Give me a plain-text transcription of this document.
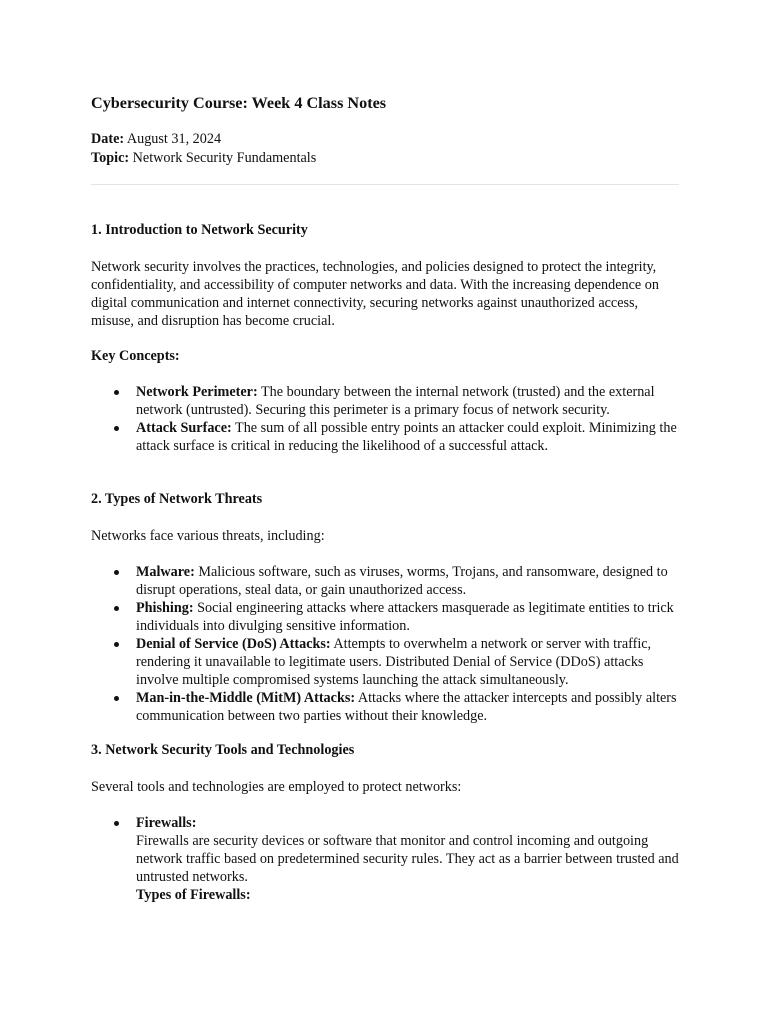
Cybersecurity Course: Week 4 Class Notes

Date: August 31, 2024

Topic: Network Security Fundamentals

1. Introduction to Network Security

Network security involves the practices, technologies, and policies designed to protect the integrity, confidentiality, and accessibility of computer networks and data. With the increasing dependence on digital communication and internet connectivity, securing networks against unauthorized access, misuse, and disruption has become crucial.

Key Concepts:

Network Perimeter: The boundary between the internal network (trusted) and the external network (untrusted). Securing this perimeter is a primary focus of network security.
Attack Surface: The sum of all possible entry points an attacker could exploit. Minimizing the attack surface is critical in reducing the likelihood of a successful attack.
2. Types of Network Threats

Networks face various threats, including:

Malware: Malicious software, such as viruses, worms, Trojans, and ransomware, designed to disrupt operations, steal data, or gain unauthorized access.
Phishing: Social engineering attacks where attackers masquerade as legitimate entities to trick individuals into divulging sensitive information.
Denial of Service (DoS) Attacks: Attempts to overwhelm a network or server with traffic, rendering it unavailable to legitimate users. Distributed Denial of Service (DDoS) attacks involve multiple compromised systems launching the attack simultaneously.
Man-in-the-Middle (MitM) Attacks: Attacks where the attacker intercepts and possibly alters communication between two parties without their knowledge.
3. Network Security Tools and Technologies

Several tools and technologies are employed to protect networks:

Firewalls:
Firewalls are security devices or software that monitor and control incoming and outgoing network traffic based on predetermined security rules. They act as a barrier between trusted and untrusted networks.
Types of Firewalls:
